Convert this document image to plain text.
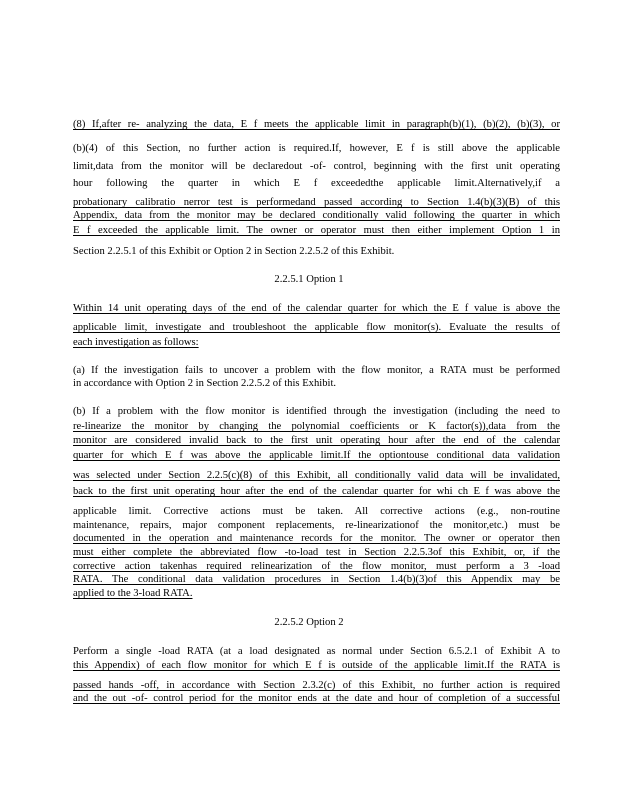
(8) If,after re- analyzing the data, E f meets the applicable limit in paragraph(b)(1), (b)(2), (b)(3), or
(b)(4) of this Section, no further action is required.If, however, E f is still above the applicable
limit,data from the monitor will be declaredout -of- control, beginning with the first unit operating
hour following the quarter in which E f exceededthe applicable limit.Alternatively,if a
probationary calibratio nerror test is performedand passed according to Section 1.4(b)(3)(B) of this
Appendix, data from the monitor may be declared conditionally valid following the quarter in which
E f exceeded the applicable limit. The owner or operator must then either implement Option 1 in
Section 2.2.5.1 of this Exhibit or Option 2 in Section 2.2.5.2 of this Exhibit.
2.2.5.1 Option 1
Within 14 unit operating days of the end of the calendar quarter for which the E f value is above the
applicable limit, investigate and troubleshoot the applicable flow monitor(s). Evaluate the results of
each investigation as follows:
(a) If the investigation fails to uncover a problem with the flow monitor, a RATA must be performed
in accordance with Option 2 in Section 2.2.5.2 of this Exhibit.
(b) If a problem with the flow monitor is identified through the investigation (including the need to
re-linearize the monitor by changing the polynomial coefficients or K factor(s)),data from the
monitor are considered invalid back to the first unit operating hour after the end of the calendar
quarter for which E f was above the applicable limit.If the optiontouse conditional data validation
was selected under Section 2.2.5(c)(8) of this Exhibit, all conditionally valid data will be invalidated,
back to the first unit operating hour after the end of the calendar quarter for whi ch E f was above the
applicable limit. Corrective actions must be taken. All corrective actions (e.g., non-routine
maintenance, repairs, major component replacements, re-linearizationof the monitor,etc.) must be
documented in the operation and maintenance records for the monitor. The owner or operator then
must either complete the abbreviated flow -to-load test in Section 2.2.5.3of this Exhibit, or, if the
corrective action takenhas required relinearization of the flow monitor, must perform a 3 -load
RATA. The conditional data validation procedures in Section 1.4(b)(3)of this Appendix may be
applied to the 3-load RATA.
2.2.5.2 Option 2
Perform a single -load RATA (at a load designated as normal under Section 6.5.2.1 of Exhibit A to
this Appendix) of each flow monitor for which E f is outside of the applicable limit.If the RATA is
passed hands -off, in accordance with Section 2.3.2(c) of this Exhibit, no further action is required
and the out -of- control period for the monitor ends at the date and hour of completion of a successful
